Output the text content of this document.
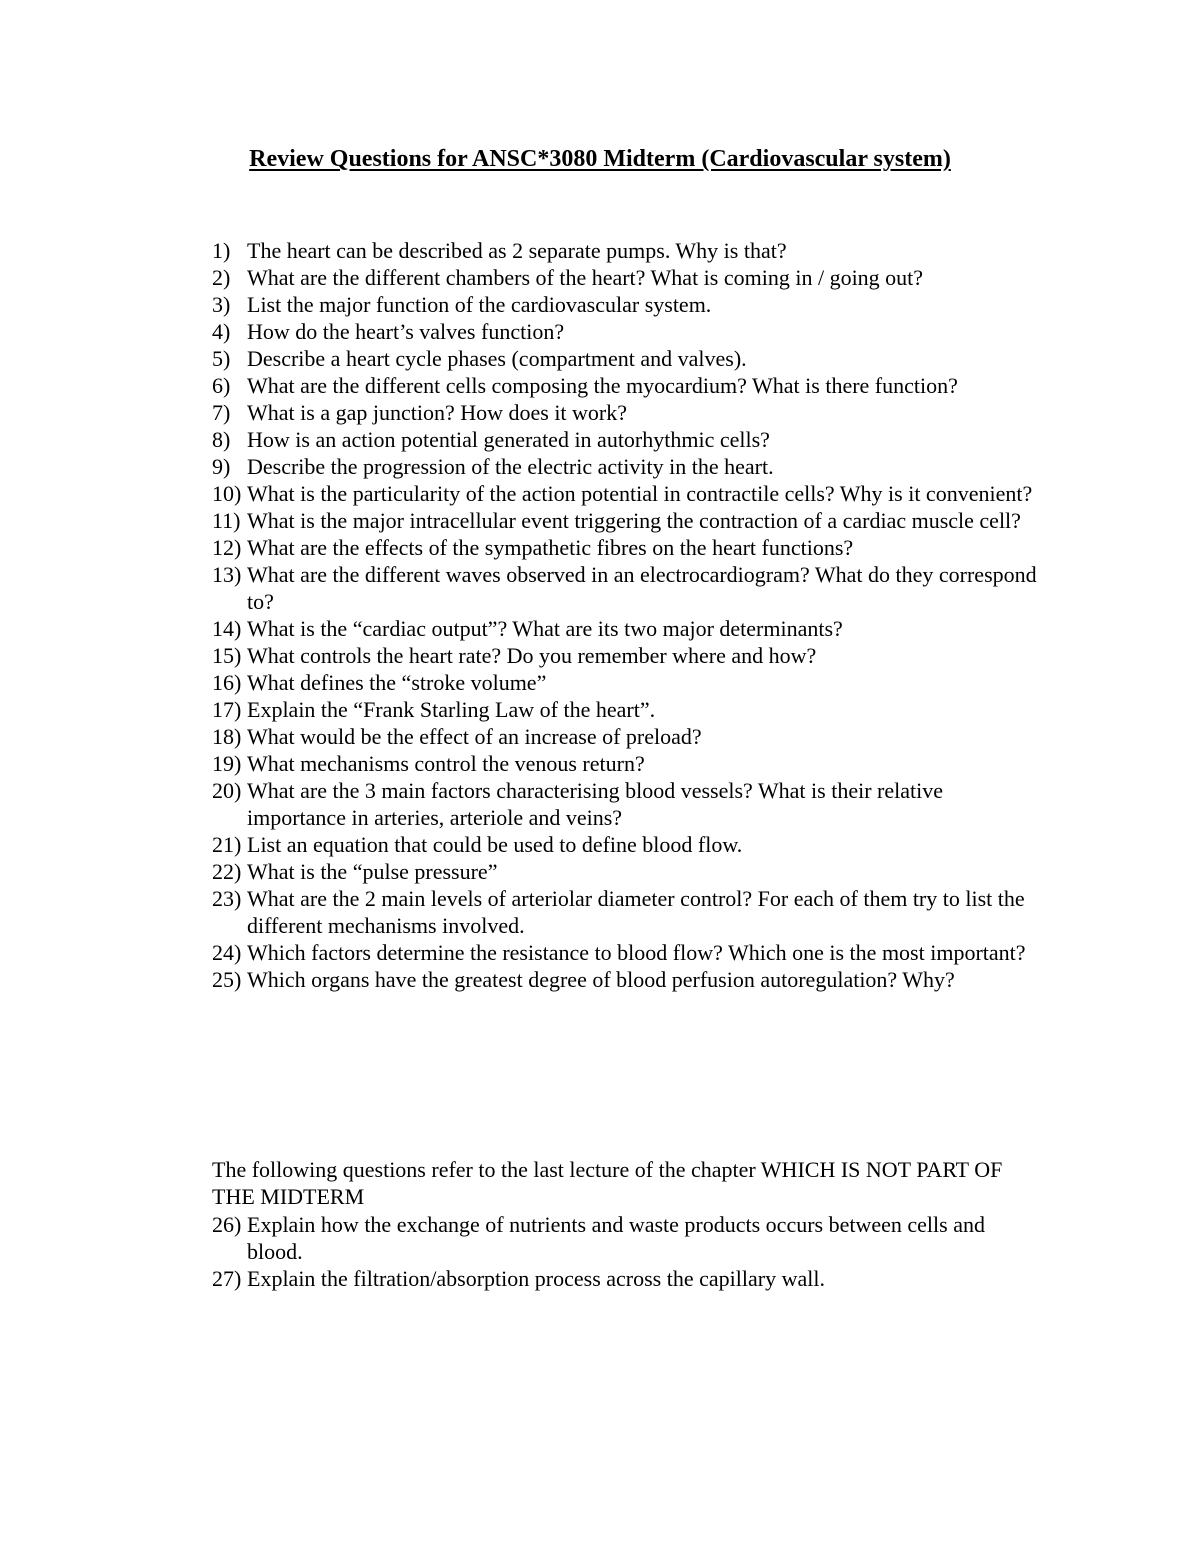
Review Questions for ANSC*3080 Midterm (Cardiovascular system)
1) The heart can be described as 2 separate pumps. Why is that?
2) What are the different chambers of the heart? What is coming in / going out?
3) List the major function of the cardiovascular system.
4) How do the heart’s valves function?
5) Describe a heart cycle phases (compartment and valves).
6) What are the different cells composing the myocardium? What is there function?
7) What is a gap junction? How does it work?
8) How is an action potential generated in autorhythmic cells?
9) Describe the progression of the electric activity in the heart.
10) What is the particularity of the action potential in contractile cells? Why is it convenient?
11) What is the major intracellular event triggering the contraction of a cardiac muscle cell?
12) What are the effects of the sympathetic fibres on the heart functions?
13) What are the different waves observed in an electrocardiogram? What do they correspond to?
14) What is the “cardiac output”? What are its two major determinants?
15) What controls the heart rate? Do you remember where and how?
16) What defines the “stroke volume”
17) Explain the “Frank Starling Law of the heart”.
18) What would be the effect of an increase of preload?
19) What mechanisms control the venous return?
20) What are the 3 main factors characterising blood vessels? What is their relative importance in arteries, arteriole and veins?
21) List an equation that could be used to define blood flow.
22) What is the “pulse pressure”
23) What are the 2 main levels of arteriolar diameter control? For each of them try to list the different mechanisms involved.
24) Which factors determine the resistance to blood flow? Which one is the most important?
25) Which organs have the greatest degree of blood perfusion autoregulation? Why?

The following questions refer to the last lecture of the chapter WHICH IS NOT PART OF THE MIDTERM

26) Explain how the exchange of nutrients and waste products occurs between cells and blood.
27) Explain the filtration/absorption process across the capillary wall.
